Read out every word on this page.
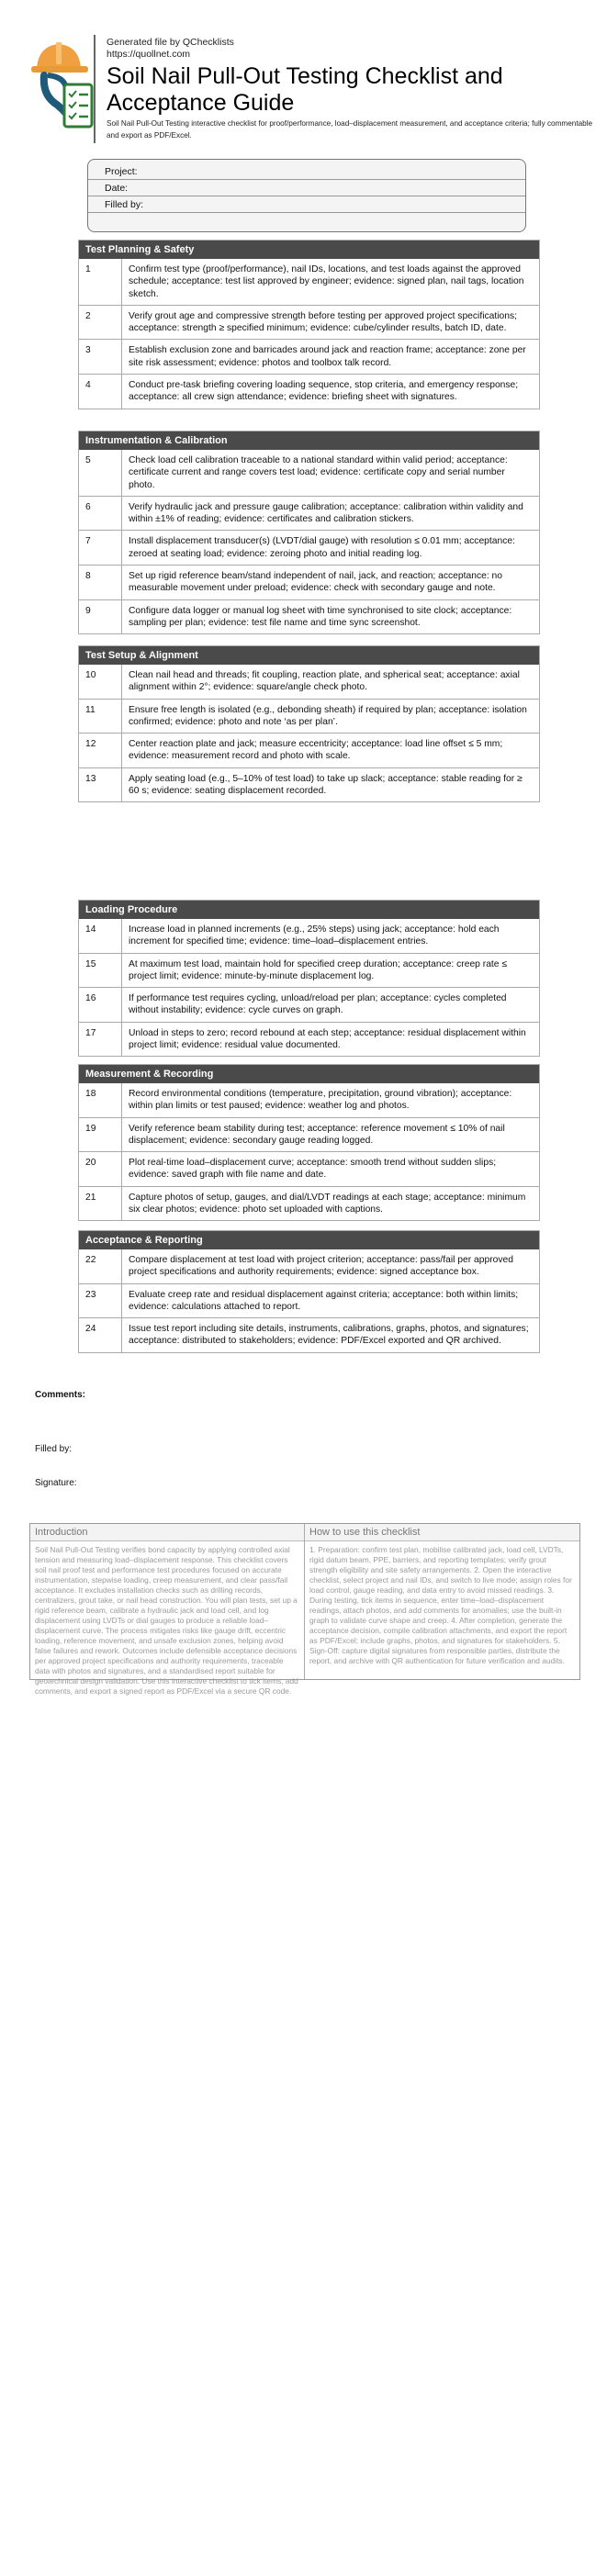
Generated file by QChecklists
https://quollnet.com
Soil Nail Pull-Out Testing Checklist and Acceptance Guide
Soil Nail Pull-Out Testing interactive checklist for proof/performance, load–displacement measurement, and acceptance criteria; fully commentable and export as PDF/Excel.
Project:
Date:
Filled by:
Test Planning & Safety
1	Confirm test type (proof/performance), nail IDs, locations, and test loads against the approved schedule; acceptance: test list approved by engineer; evidence: signed plan, nail tags, location sketch.
2	Verify grout age and compressive strength before testing per approved project specifications; acceptance: strength ≥ specified minimum; evidence: cube/cylinder results, batch ID, date.
3	Establish exclusion zone and barricades around jack and reaction frame; acceptance: zone per site risk assessment; evidence: photos and toolbox talk record.
4	Conduct pre-task briefing covering loading sequence, stop criteria, and emergency response; acceptance: all crew sign attendance; evidence: briefing sheet with signatures.
Instrumentation & Calibration
5	Check load cell calibration traceable to a national standard within valid period; acceptance: certificate current and range covers test load; evidence: certificate copy and serial number photo.
6	Verify hydraulic jack and pressure gauge calibration; acceptance: calibration within validity and within ±1% of reading; evidence: certificates and calibration stickers.
7	Install displacement transducer(s) (LVDT/dial gauge) with resolution ≤ 0.01 mm; acceptance: zeroed at seating load; evidence: zeroing photo and initial reading log.
8	Set up rigid reference beam/stand independent of nail, jack, and reaction; acceptance: no measurable movement under preload; evidence: check with secondary gauge and note.
9	Configure data logger or manual log sheet with time synchronised to site clock; acceptance: sampling per plan; evidence: test file name and time sync screenshot.
Test Setup & Alignment
10	Clean nail head and threads; fit coupling, reaction plate, and spherical seat; acceptance: axial alignment within 2°; evidence: square/angle check photo.
11	Ensure free length is isolated (e.g., debonding sheath) if required by plan; acceptance: isolation confirmed; evidence: photo and note ‘as per plan’.
12	Center reaction plate and jack; measure eccentricity; acceptance: load line offset ≤ 5 mm; evidence: measurement record and photo with scale.
13	Apply seating load (e.g., 5–10% of test load) to take up slack; acceptance: stable reading for ≥ 60 s; evidence: seating displacement recorded.
Loading Procedure
14	Increase load in planned increments (e.g., 25% steps) using jack; acceptance: hold each increment for specified time; evidence: time–load–displacement entries.
15	At maximum test load, maintain hold for specified creep duration; acceptance: creep rate ≤ project limit; evidence: minute-by-minute displacement log.
16	If performance test requires cycling, unload/reload per plan; acceptance: cycles completed without instability; evidence: cycle curves on graph.
17	Unload in steps to zero; record rebound at each step; acceptance: residual displacement within project limit; evidence: residual value documented.
Measurement & Recording
18	Record environmental conditions (temperature, precipitation, ground vibration); acceptance: within plan limits or test paused; evidence: weather log and photos.
19	Verify reference beam stability during test; acceptance: reference movement ≤ 10% of nail displacement; evidence: secondary gauge reading logged.
20	Plot real-time load–displacement curve; acceptance: smooth trend without sudden slips; evidence: saved graph with file name and date.
21	Capture photos of setup, gauges, and dial/LVDT readings at each stage; acceptance: minimum six clear photos; evidence: photo set uploaded with captions.
Acceptance & Reporting
22	Compare displacement at test load with project criterion; acceptance: pass/fail per approved project specifications and authority requirements; evidence: signed acceptance box.
23	Evaluate creep rate and residual displacement against criteria; acceptance: both within limits; evidence: calculations attached to report.
24	Issue test report including site details, instruments, calibrations, graphs, photos, and signatures; acceptance: distributed to stakeholders; evidence: PDF/Excel exported and QR archived.
Comments:
Filled by:
Signature:
Introduction
Soil Nail Pull-Out Testing verifies bond capacity by applying controlled axial tension and measuring load–displacement response. This checklist covers soil nail proof test and performance test procedures focused on accurate instrumentation, stepwise loading, creep measurement, and clear pass/fail acceptance. It excludes installation checks such as drilling records, centralizers, grout take, or nail head construction. You will plan tests, set up a rigid reference beam, calibrate a hydraulic jack and load cell, and log displacement using LVDTs or dial gauges to produce a reliable load–displacement curve. The process mitigates risks like gauge drift, eccentric loading, reference movement, and unsafe exclusion zones, helping avoid false failures and rework. Outcomes include defensible acceptance decisions per approved project specifications and authority requirements, traceable data with photos and signatures, and a standardised report suitable for geotechnical design validation. Use this interactive checklist to tick items, add comments, and export a signed report as PDF/Excel via a secure QR code.
How to use this checklist
1. Preparation: confirm test plan, mobilise calibrated jack, load cell, LVDTs, rigid datum beam, PPE, barriers, and reporting templates; verify grout strength eligibility and site safety arrangements. 2. Open the interactive checklist, select project and nail IDs, and switch to live mode; assign roles for load control, gauge reading, and data entry to avoid missed readings. 3. During testing, tick items in sequence, enter time–load–displacement readings, attach photos, and add comments for anomalies; use the built-in graph to validate curve shape and creep. 4. After completion, generate the acceptance decision, compile calibration attachments, and export the report as PDF/Excel; include graphs, photos, and signatures for stakeholders. 5. Sign-Off: capture digital signatures from responsible parties, distribute the report, and archive with QR authentication for future verification and audits.
